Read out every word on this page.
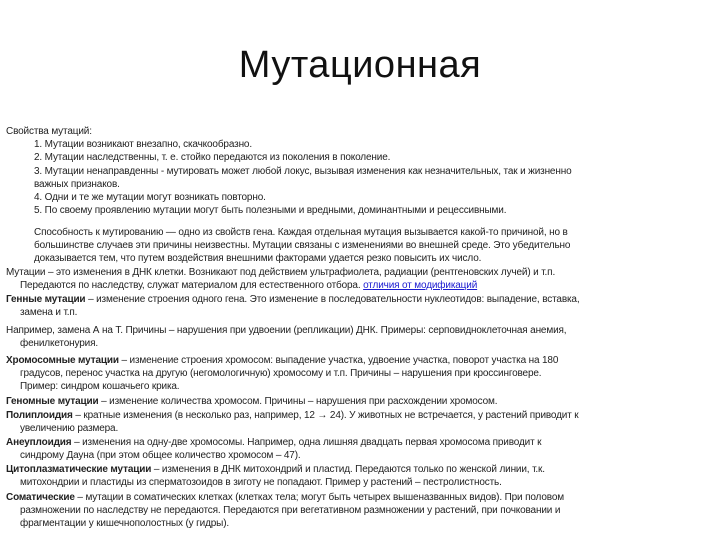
Мутационная
Свойства мутаций:
1. Мутации возникают внезапно, скачкообразно.
2. Мутации наследственны, т. е. стойко передаются из поколения в поколение.
3. Мутации ненаправденны - мутировать может любой локус, вызывая изменения как незначительных, так и жизненно
важных признаков.
4. Одни и те же мутации могут возникать повторно.
5. По своему проявлению мутации могут быть полезными и вредными, доминантными и рецессивными.
Способность к мутированию — одно из свойств гена. Каждая отдельная мутация вызывается какой-то причиной, но в
большинстве случаев эти причины неизвестны. Мутации связаны с изменениями во внешней среде. Это убедительно
доказывается тем, что путем воздействия внешними факторами удается резко повысить их число.
Мутации – это изменения в ДНК клетки. Возникают под действием ультрафиолета, радиации (рентгеновских лучей) и т.п.
Передаются по наследству, служат материалом для естественного отбора. отличия от модификаций
Генные мутации – изменение строения одного гена. Это изменение в последовательности нуклеотидов: выпадение, вставка,
замена и т.п.
Например, замена А на Т. Причины – нарушения при удвоении (репликации) ДНК. Примеры: серповидноклеточная анемия,
фенилкетонурия.
Хромосомные мутации – изменение строения хромосом: выпадение участка, удвоение участка, поворот участка на 180
градусов, перенос участка на другую (негомологичную) хромосому и т.п. Причины – нарушения при кроссинговере.
Пример: синдром кошачьего крика.
Геномные мутации – изменение количества хромосом. Причины – нарушения при расхождении хромосом.
Полиплоидия – кратные изменения (в несколько раз, например, 12 → 24). У животных не встречается, у растений приводит к
увеличению размера.
Анеуплоидия – изменения на одну-две хромосомы. Например, одна лишняя двадцать первая хромосома приводит к
синдрому Дауна (при этом общее количество хромосом – 47).
Цитоплазматические мутации – изменения в ДНК митохондрий и пластид. Передаются только по женской линии, т.к.
митохондрии и пластиды из сперматозоидов в зиготу не попадают. Пример у растений – пестролистность.
Соматические – мутации в соматических клетках (клетках тела; могут быть четырех вышеназванных видов). При половом
размножении по наследству не передаются. Передаются при вегетативном размножении у растений, при почковании и
фрагментации у кишечнополостных (у гидры).
